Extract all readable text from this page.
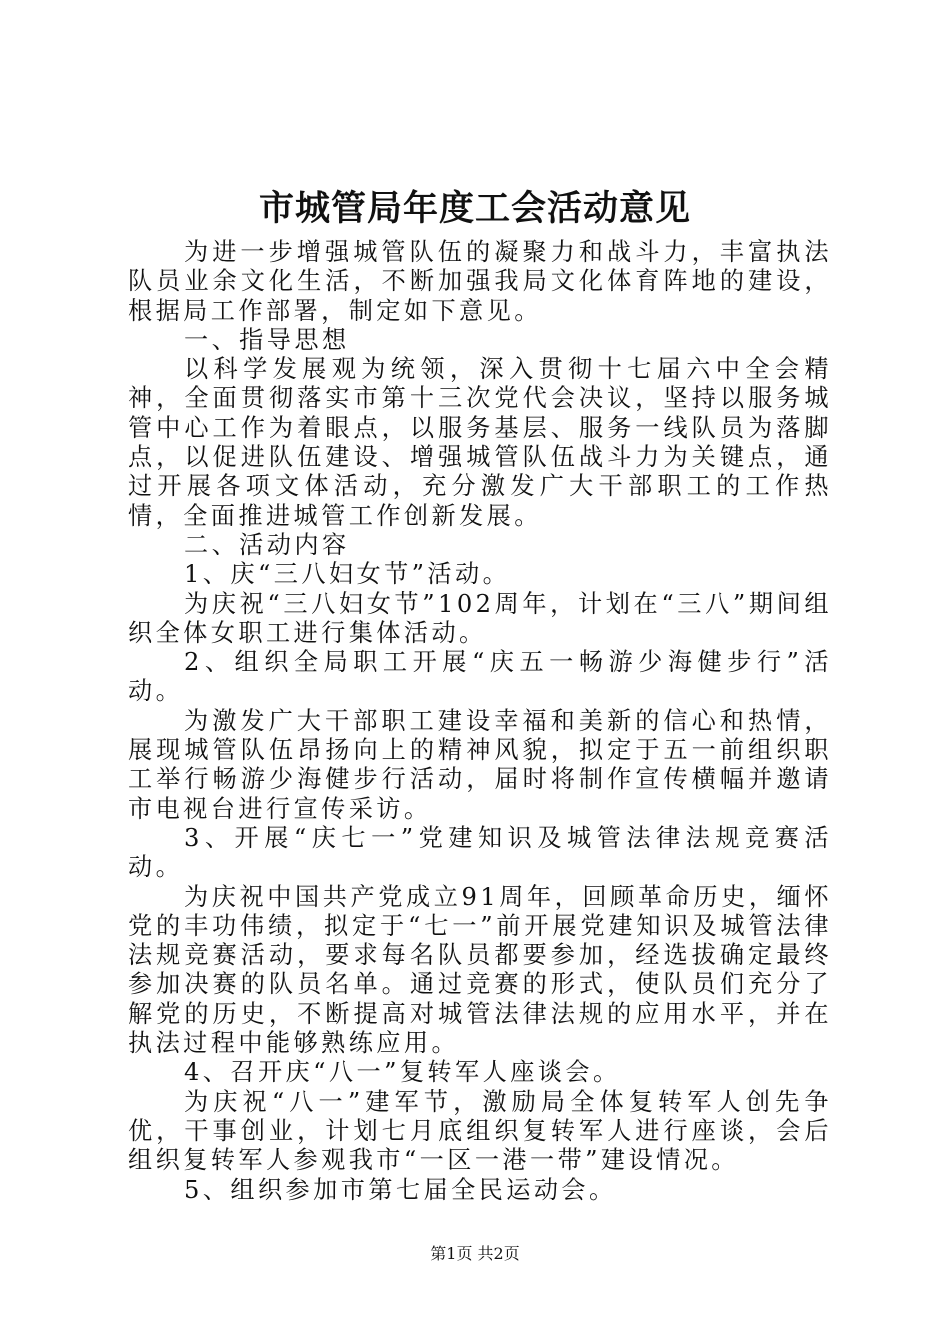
市城管局年度工会活动意见

为进一步增强城管队伍的凝聚力和战斗力，丰富执法队员业余文化生活，不断加强我局文化体育阵地的建设，根据局工作部署，制定如下意见。

一、指导思想

以科学发展观为统领，深入贯彻十七届六中全会精神，全面贯彻落实市第十三次党代会决议，坚持以服务城管中心工作为着眼点，以服务基层、服务一线队员为落脚点，以促进队伍建设、增强城管队伍战斗力为关键点，通过开展各项文体活动，充分激发广大干部职工的工作热情，全面推进城管工作创新发展。

二、活动内容

1、庆“三八妇女节”活动。

为庆祝“三八妇女节”102周年，计划在“三八”期间组织全体女职工进行集体活动。

2、组织全局职工开展“庆五一畅游少海健步行”活动。

为激发广大干部职工建设幸福和美新的信心和热情，展现城管队伍昂扬向上的精神风貌，拟定于五一前组织职工举行畅游少海健步行活动，届时将制作宣传横幅并邀请市电视台进行宣传采访。

3、开展“庆七一”党建知识及城管法律法规竞赛活动。

为庆祝中国共产党成立91周年，回顾革命历史，缅怀党的丰功伟绩，拟定于“七一”前开展党建知识及城管法律法规竞赛活动，要求每名队员都要参加，经选拔确定最终参加决赛的队员名单。通过竞赛的形式，使队员们充分了解党的历史，不断提高对城管法律法规的应用水平，并在执法过程中能够熟练应用。

4、召开庆“八一”复转军人座谈会。

为庆祝“八一”建军节，激励局全体复转军人创先争优，干事创业，计划七月底组织复转军人进行座谈，会后组织复转军人参观我市“一区一港一带”建设情况。

5、组织参加市第七届全民运动会。

第1页 共2页
